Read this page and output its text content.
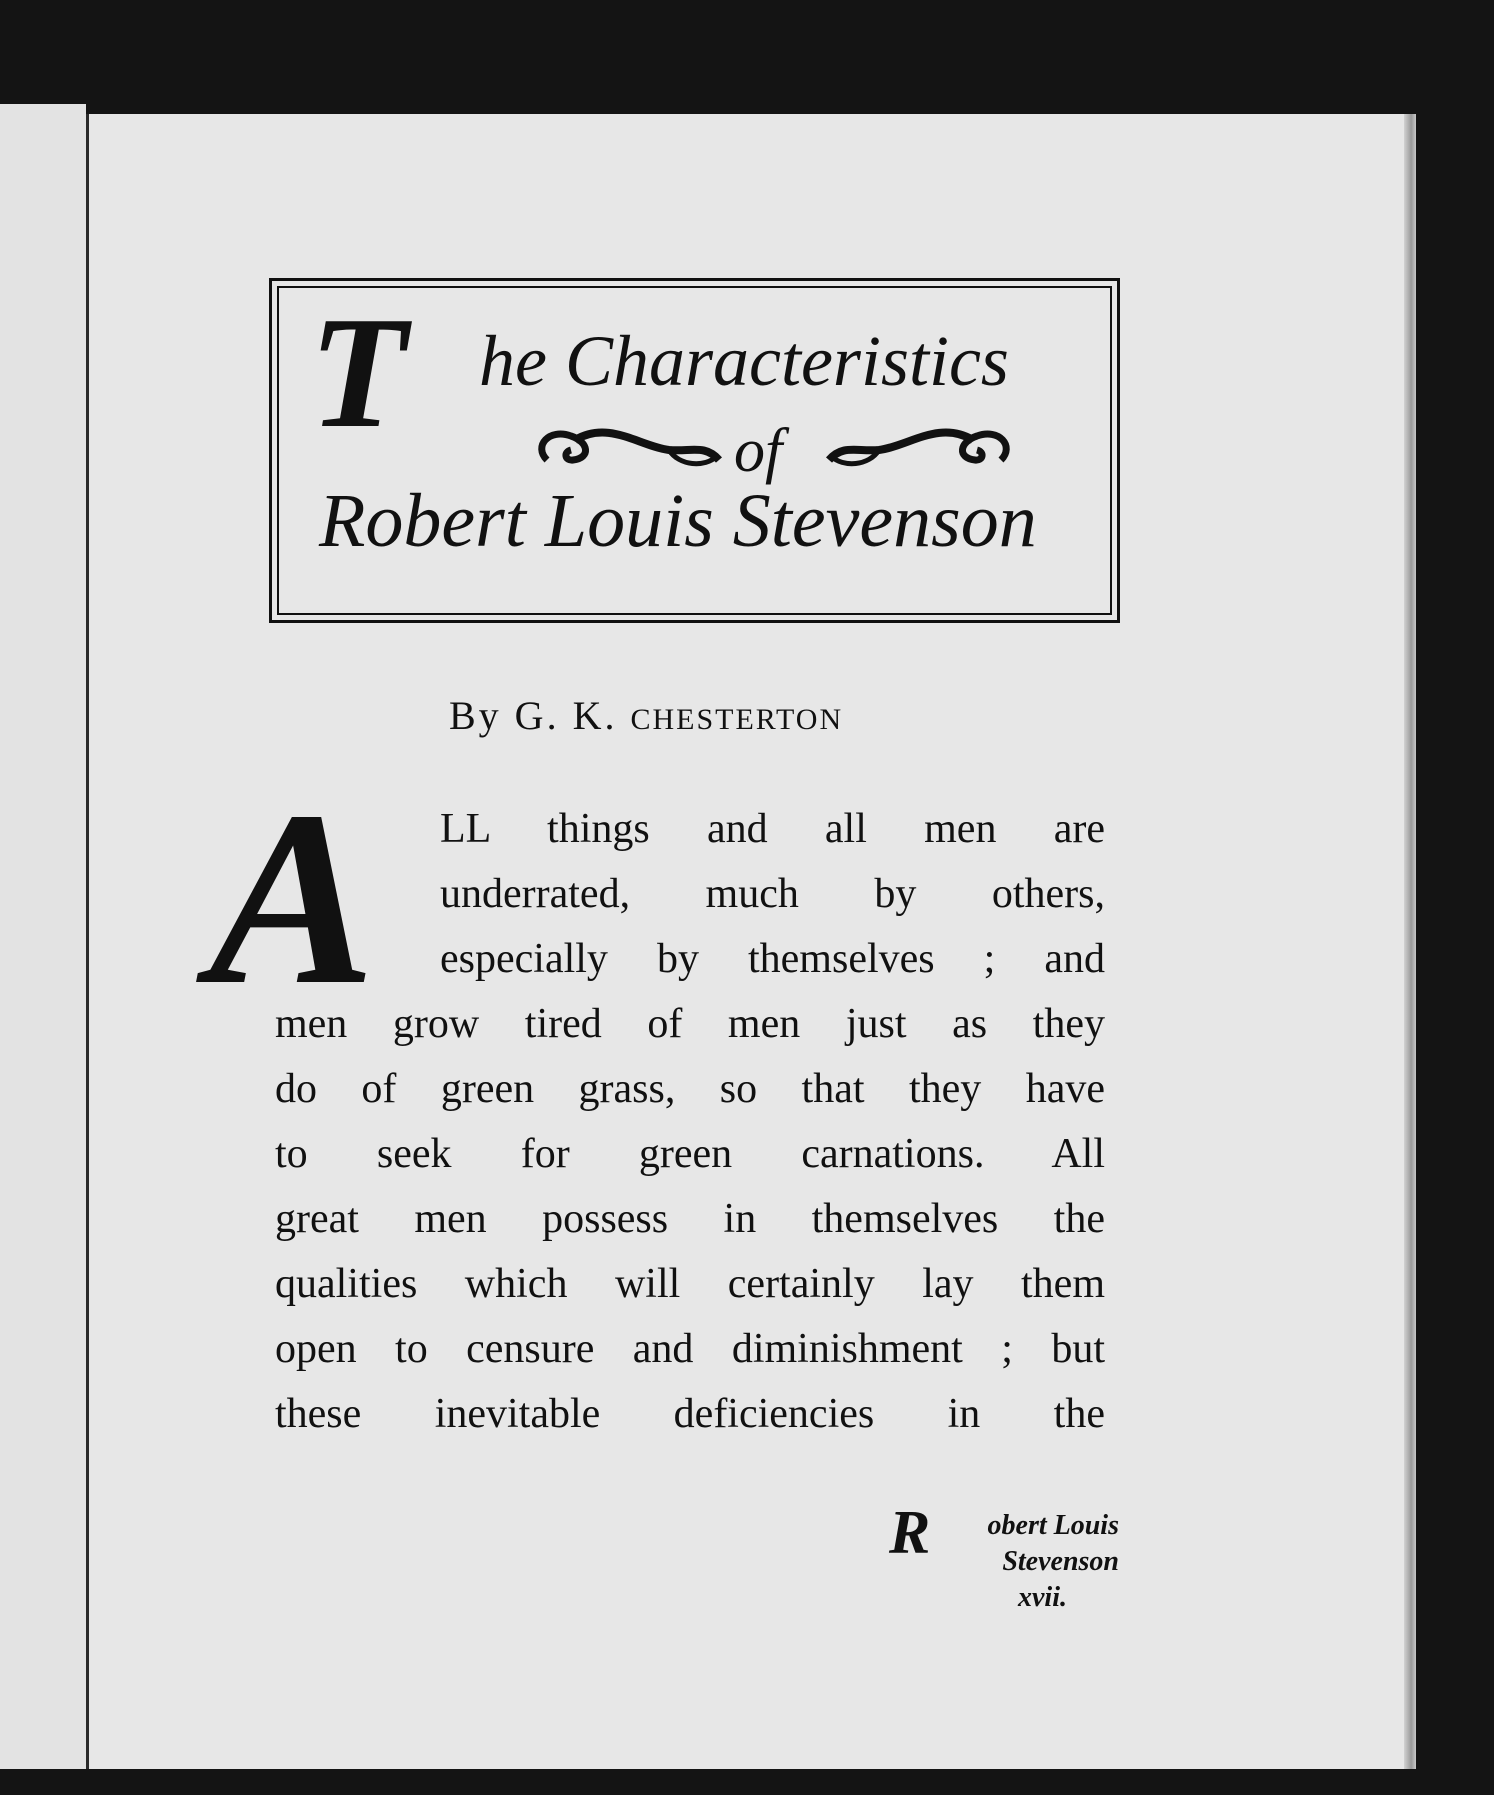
T he Characteristics
of
Robert Louis Stevenson
By G. K. CHESTERTON
A	LL things and all men are
underrated, much by others,
especially by themselves ; and
men grow tired of men just as they
do of green grass, so that they have
to seek for green carnations. All
great men possess in themselves the
qualities which will certainly lay them
open to censure and diminishment ; but
these inevitable deficiencies in the
R	obert Louis
Stevenson
xvii.
